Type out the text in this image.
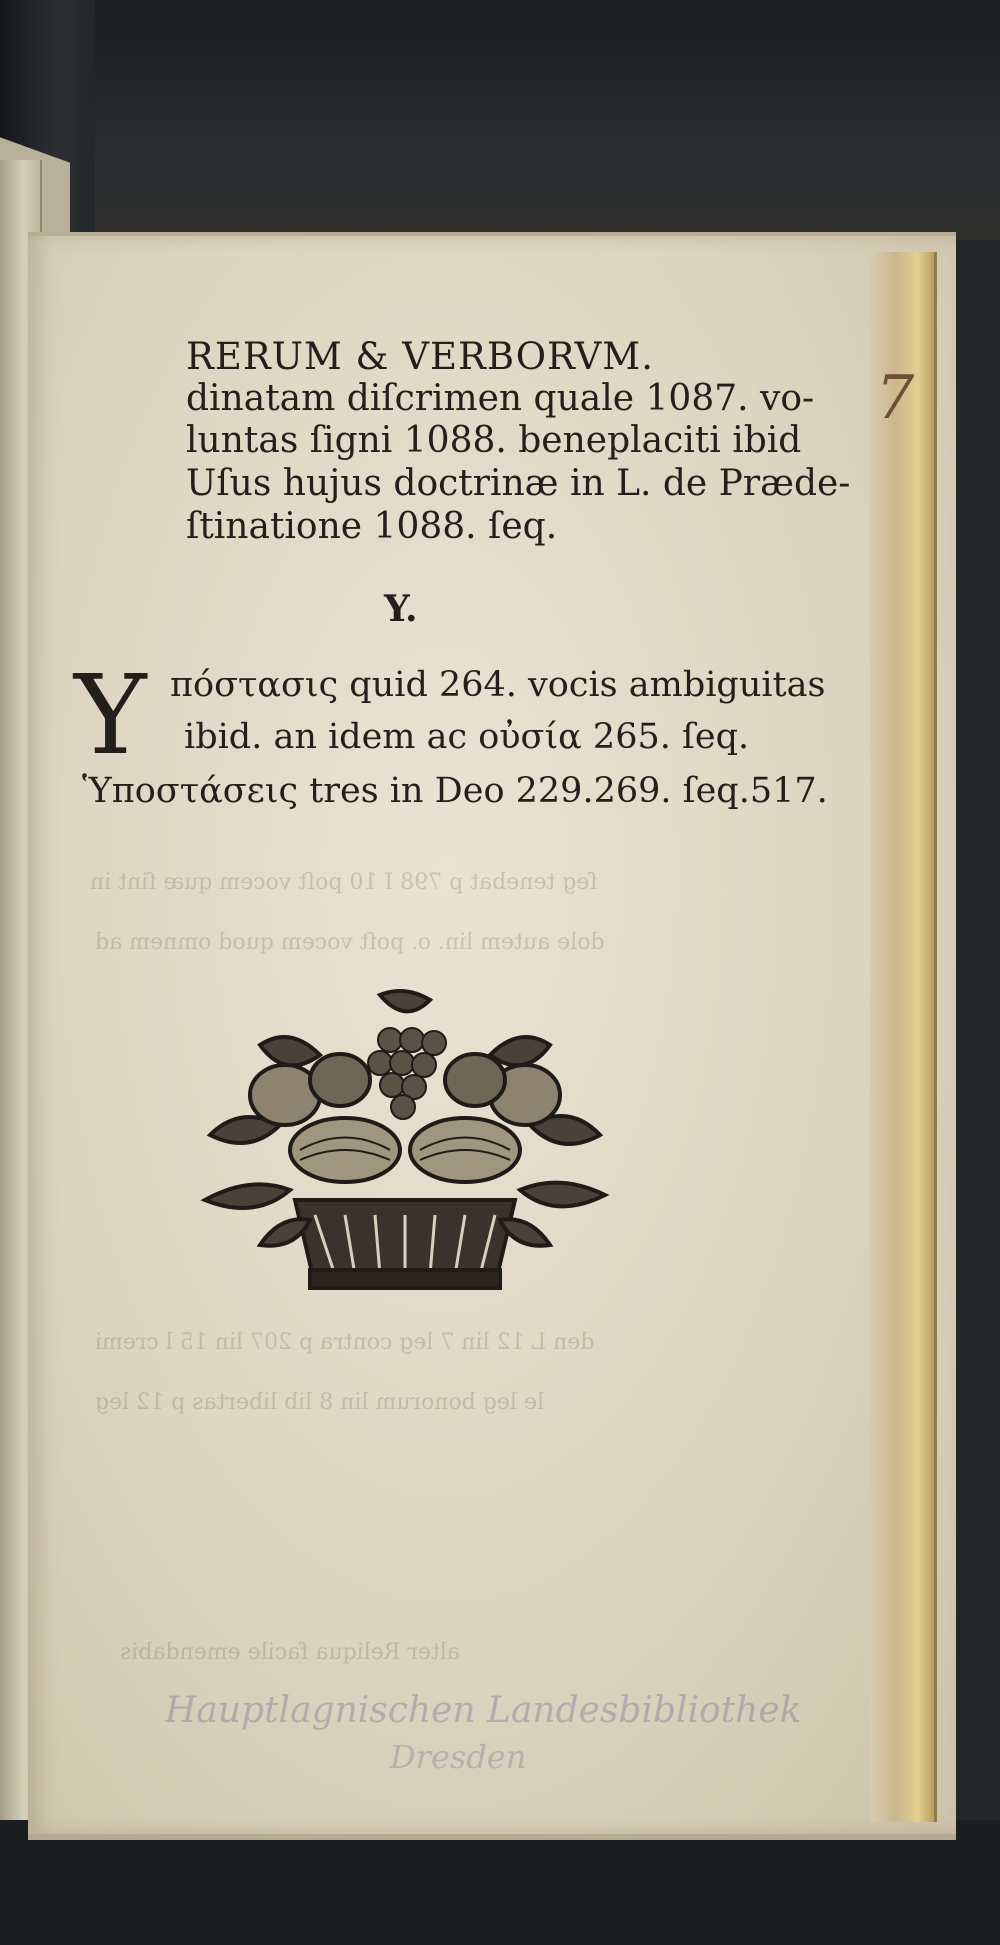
7
ſeg tenebat p 798 I 10 poſt vocem quæ ſint in
dole autem lin. o. poſt vocem quod omnem ad
den L 12 lin 7 leg contra p 207 lin 15 l cremi
le leg bonorum lin 8 lib libertas p 12 leg
alter Reliqua facile emendabis
RERUM & VERBORVM.
dinatam diſcrimen quale 1087. vo-
luntas ſigni 1088. beneplaciti ibid
Uſus hujus doctrinæ in L. de Præde-
ſtinatione 1088. ſeq.
Y.
Y πόστασις quid 264. vocis ambiguitas
ibid. an idem ac οὐσία 265. ſeq.
Ὑποστάσεις tres in Deo 229.269. ſeq.517.
Hauptlagnischen Landesbibliothek
Dresden
